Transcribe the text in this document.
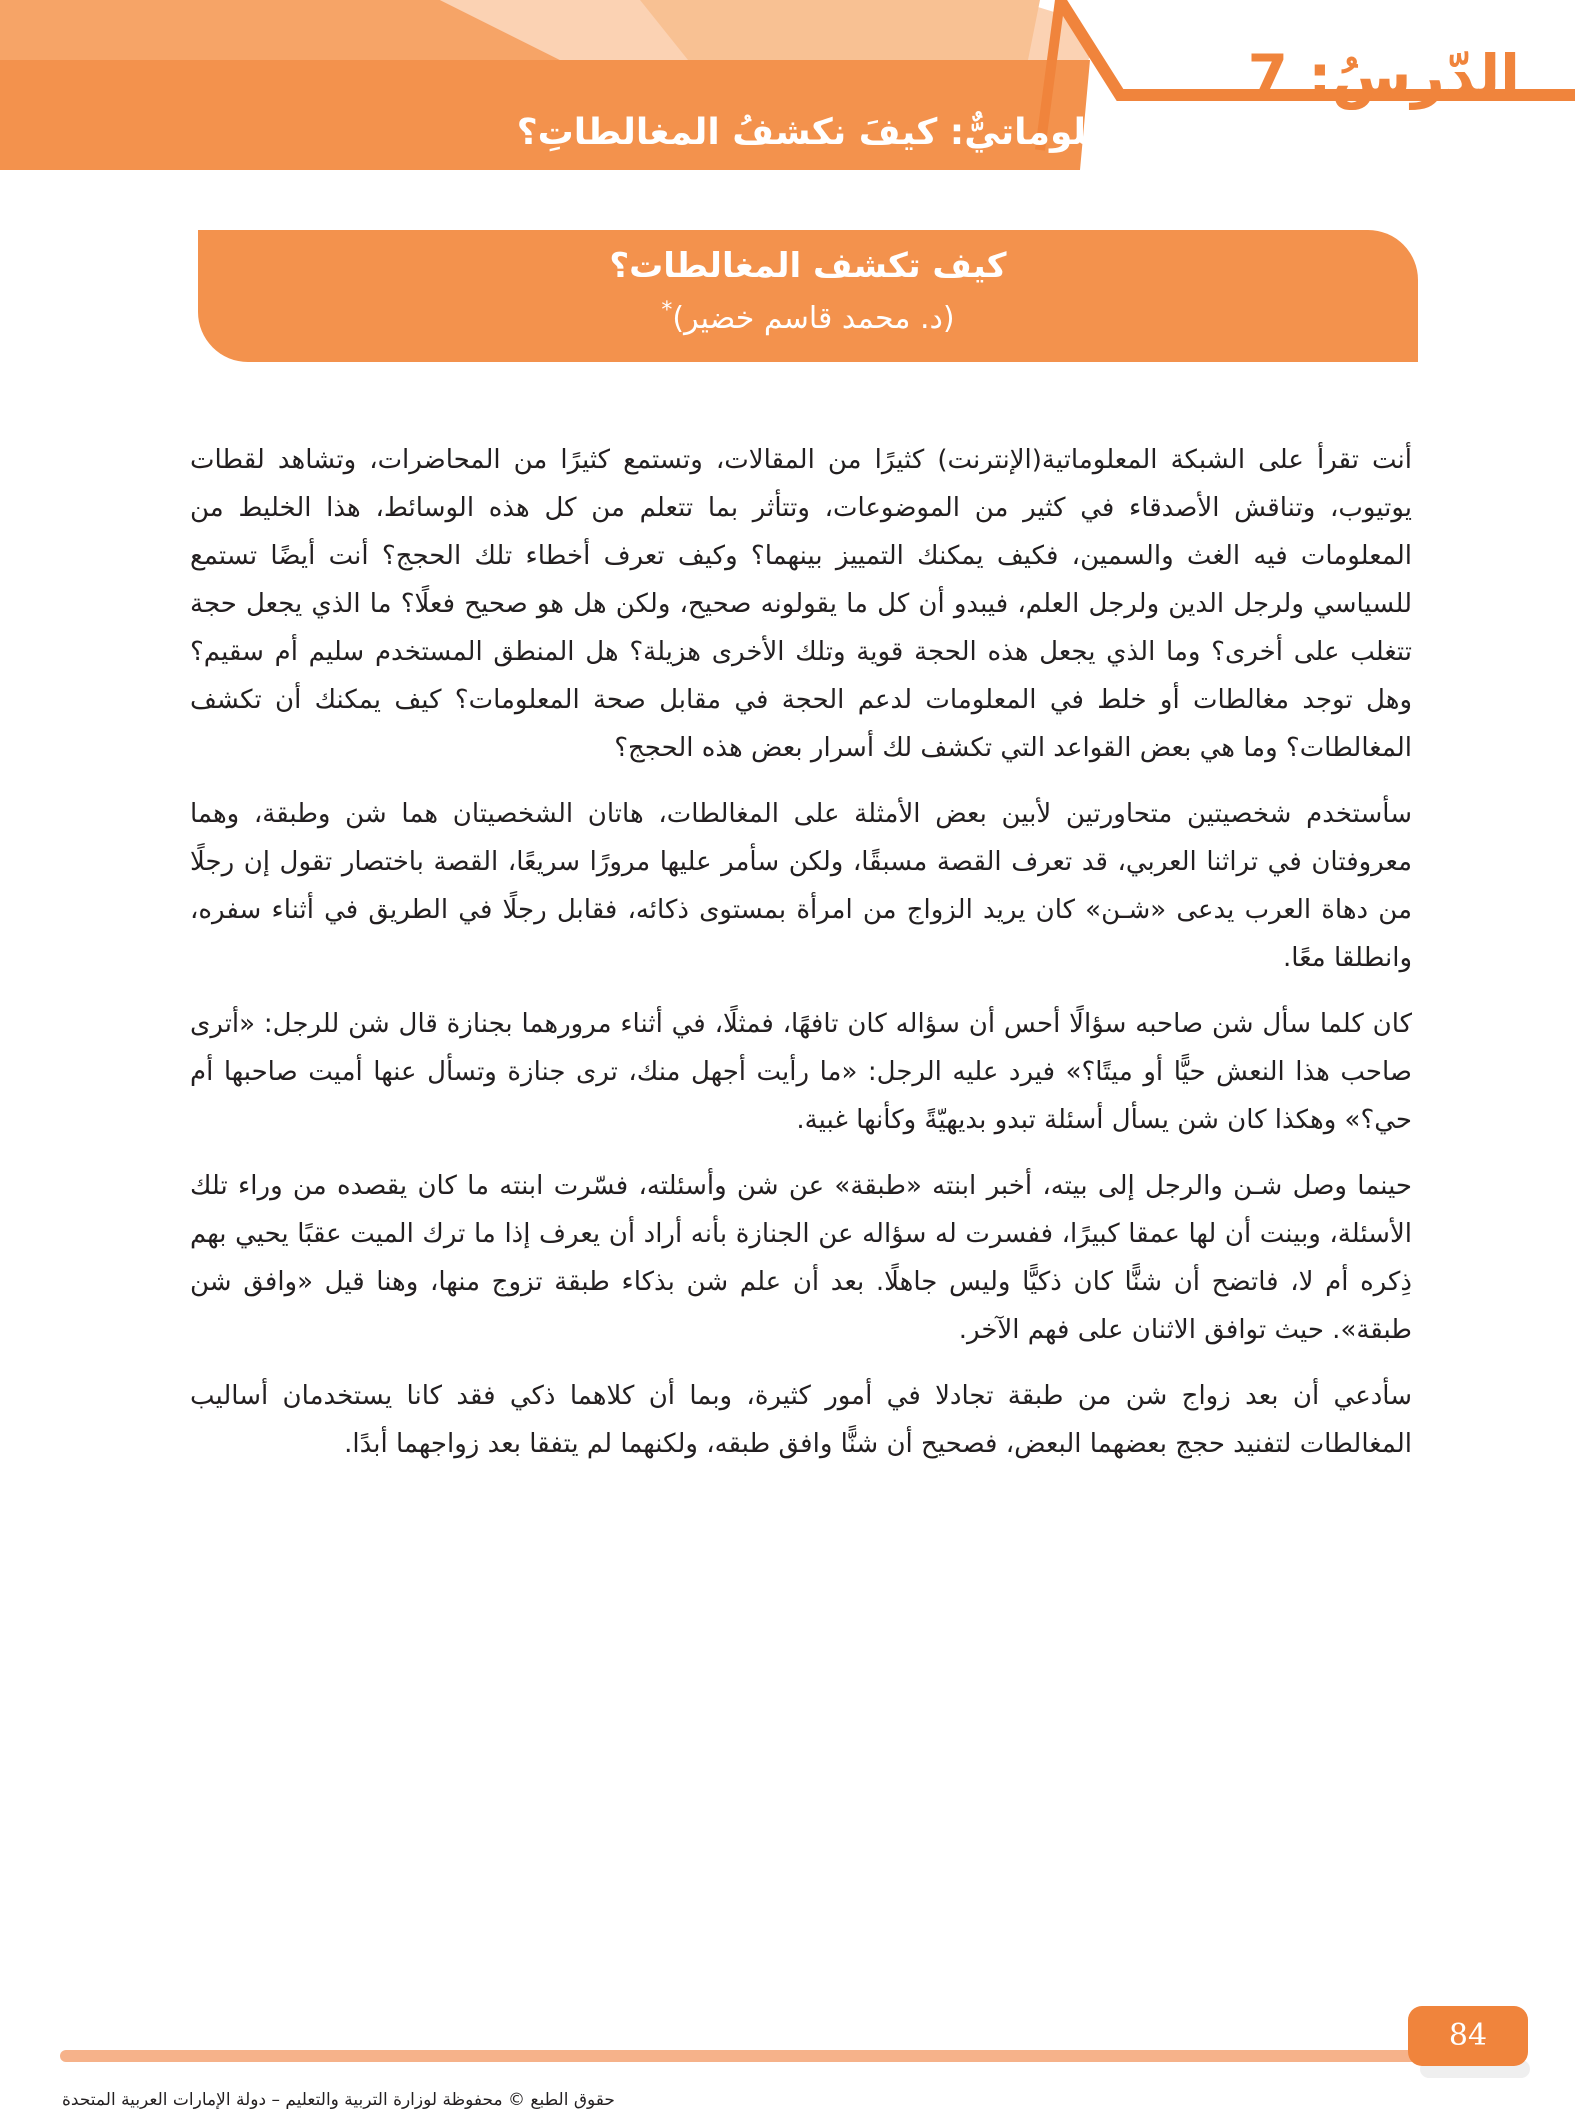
الدّرسُ: 7
نصٌّ معلوماتيٌّ: كيفَ نكشفُ المغالطاتِ؟
كيف تكشف المغالطات؟
(د. محمد قاسم خضير)*

أنت تقرأ على الشبكة المعلوماتية(الإنترنت) كثيرًا من المقالات، وتستمع كثيرًا من المحاضرات، وتشاهد لقطات يوتيوب، وتناقش الأصدقاء في كثير من الموضوعات، وتتأثر بما تتعلم من كل هذه الوسائط، هذا الخليط من المعلومات فيه الغث والسمين، فكيف يمكنك التمييز بينهما؟ وكيف تعرف أخطاء تلك الحجج؟ أنت أيضًا تستمع للسياسي ولرجل الدين ولرجل العلم، فيبدو أن كل ما يقولونه صحيح، ولكن هل هو صحيح فعلًا؟ ما الذي يجعل حجة تتغلب على أخرى؟ وما الذي يجعل هذه الحجة قوية وتلك الأخرى هزيلة؟ هل المنطق المستخدم سليم أم سقيم؟ وهل توجد مغالطات أو خلط في المعلومات لدعم الحجة في مقابل صحة المعلومات؟ كيف يمكنك أن تكشف المغالطات؟ وما هي بعض القواعد التي تكشف لك أسرار بعض هذه الحجج؟

سأستخدم شخصيتين متحاورتين لأبين بعض الأمثلة على المغالطات، هاتان الشخصيتان هما شن وطبقة، وهما معروفتان في تراثنا العربي، قد تعرف القصة مسبقًا، ولكن سأمر عليها مرورًا سريعًا، القصة باختصار تقول إن رجلًا من دهاة العرب يدعى «شـن» كان يريد الزواج من امرأة بمستوى ذكائه، فقابل رجلًا في الطريق في أثناء سفره، وانطلقا معًا.

كان كلما سأل شن صاحبه سؤالًا أحس أن سؤاله كان تافهًا، فمثلًا، في أثناء مرورهما بجنازة قال شن للرجل: «أترى صاحب هذا النعش حيًّا أو ميتًا؟» فيرد عليه الرجل: «ما رأيت أجهل منك، ترى جنازة وتسأل عنها أميت صاحبها أم حي؟» وهكذا كان شن يسأل أسئلة تبدو بديهيّةً وكأنها غبية.

حينما وصل شـن والرجل إلى بيته، أخبر ابنته «طبقة» عن شن وأسئلته، فسّرت ابنته ما كان يقصده من وراء تلك الأسئلة، وبينت أن لها عمقا كبيرًا، ففسرت له سؤاله عن الجنازة بأنه أراد أن يعرف إذا ما ترك الميت عقبًا يحيي بهم ذِكره أم لا، فاتضح أن شنًّا كان ذكيًّا وليس جاهلًا. بعد أن علم شن بذكاء طبقة تزوج منها، وهنا قيل «وافق شن طبقة». حيث توافق الاثنان على فهم الآخر.

سأدعي أن بعد زواج شن من طبقة تجادلا في أمور كثيرة، وبما أن كلاهما ذكي فقد كانا يستخدمان أساليب المغالطات لتفنيد حجج بعضهما البعض، فصحيح أن شنًّا وافق طبقه، ولكنهما لم يتفقا بعد زواجهما أبدًا.

84
حقوق الطبع © محفوظة لوزارة التربية والتعليم – دولة الإمارات العربية المتحدة
